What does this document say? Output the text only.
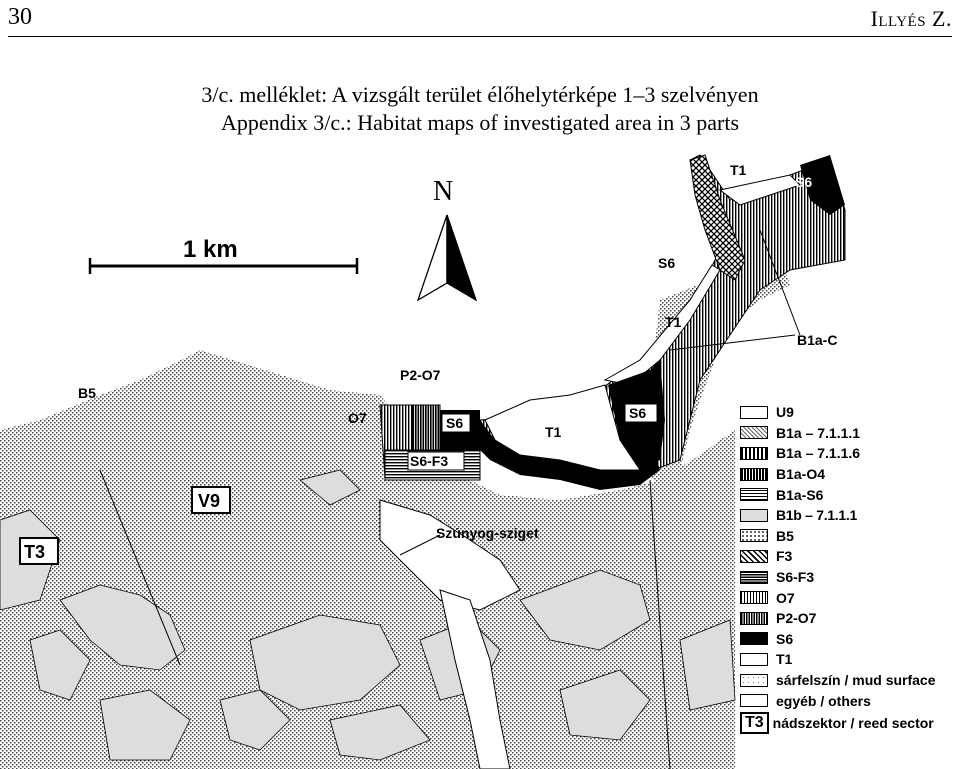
30	Illyés Z.
3/c. melléklet: A vizsgált terület élőhelytérképe 1–3 szelvényen
Appendix 3/c.: Habitat maps of investigated area in 3 parts
N
1 km
T1
S6
S6
T1
B1a-C
P2-O7
O7	S6
S6-F3
T1
S6
B5
V9
T3
Szúnyog-sziget
U9
B1a – 7.1.1.1
B1a – 7.1.1.6
B1a-O4
B1a-S6
B1b – 7.1.1.1
B5
F3
S6-F3
O7
P2-O7
S6
T1
sárfelszín / mud surface
egyéb / others
T3 nádszektor / reed sector
